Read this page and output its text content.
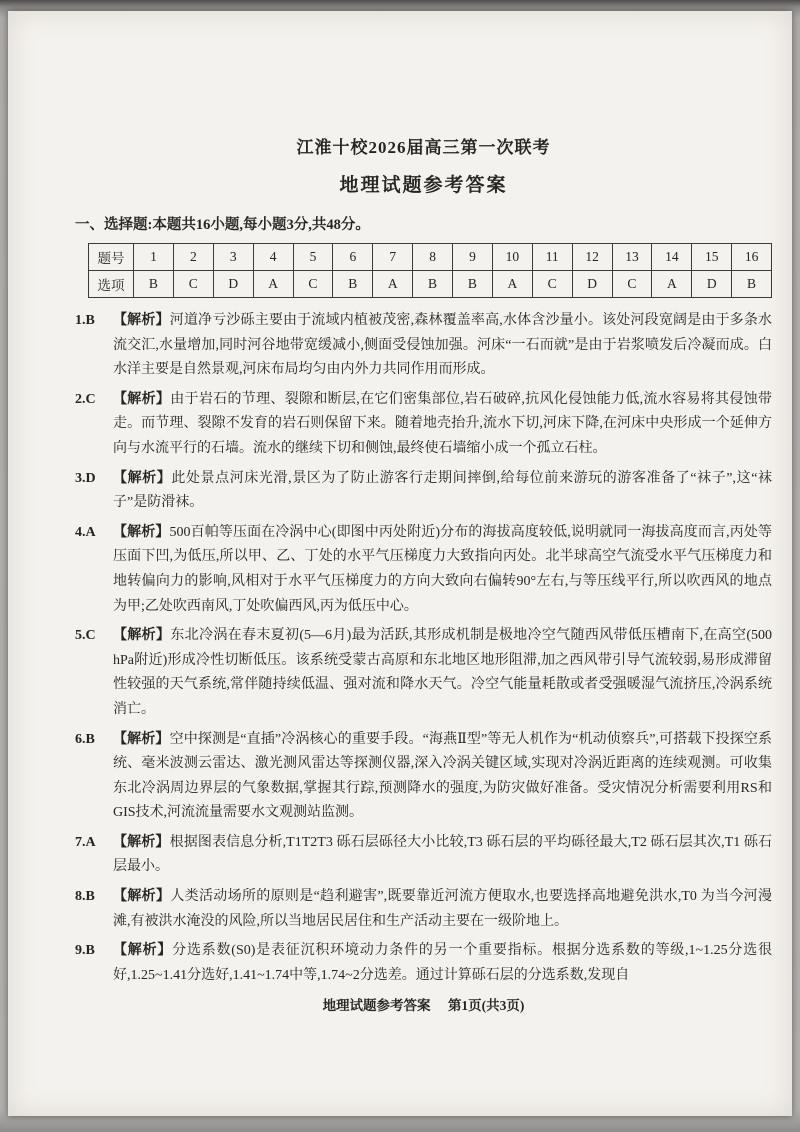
江淮十校2026届高三第一次联考
地理试题参考答案

一、选择题:本题共16小题,每小题3分,共48分。

题号	1	2	3	4	5	6	7	8	9	10	11	12	13	14	15	16
选项	B	C	D	A	C	B	A	B	B	A	C	D	C	A	D	B
1.B 【解析】河道净亏沙砾主要由于流域内植被茂密,森林覆盖率高,水体含沙量小。该处河段宽阔是由于多条水流交汇,水量增加,同时河谷地带宽缓减小,侧面受侵蚀加强。河床“一石而就”是由于岩浆喷发后冷凝而成。白水洋主要是自然景观,河床布局均匀由内外力共同作用而形成。
2.C 【解析】由于岩石的节理、裂隙和断层,在它们密集部位,岩石破碎,抗风化侵蚀能力低,流水容易将其侵蚀带走。而节理、裂隙不发育的岩石则保留下来。随着地壳抬升,流水下切,河床下降,在河床中央形成一个延伸方向与水流平行的石墙。流水的继续下切和侧蚀,最终使石墙缩小成一个孤立石柱。
3.D 【解析】此处景点河床光滑,景区为了防止游客行走期间摔倒,给每位前来游玩的游客准备了“袜子”,这“袜子”是防滑袜。
4.A 【解析】500百帕等压面在冷涡中心(即图中丙处附近)分布的海拔高度较低,说明就同一海拔高度而言,丙处等压面下凹,为低压,所以甲、乙、丁处的水平气压梯度力大致指向丙处。北半球高空气流受水平气压梯度力和地转偏向力的影响,风相对于水平气压梯度力的方向大致向右偏转90°左右,与等压线平行,所以吹西风的地点为甲;乙处吹西南风,丁处吹偏西风,丙为低压中心。
5.C 【解析】东北冷涡在春末夏初(5—6月)最为活跃,其形成机制是极地冷空气随西风带低压槽南下,在高空(500 hPa附近)形成冷性切断低压。该系统受蒙古高原和东北地区地形阻滞,加之西风带引导气流较弱,易形成滞留性较强的天气系统,常伴随持续低温、强对流和降水天气。冷空气能量耗散或者受强暖湿气流挤压,冷涡系统消亡。
6.B 【解析】空中探测是“直插”冷涡核心的重要手段。“海燕Ⅱ型”等无人机作为“机动侦察兵”,可搭载下投探空系统、毫米波测云雷达、激光测风雷达等探测仪器,深入冷涡关键区域,实现对冷涡近距离的连续观测。可收集东北冷涡周边界层的气象数据,掌握其行踪,预测降水的强度,为防灾做好准备。受灾情况分析需要利用RS和GIS技术,河流流量需要水文观测站监测。
7.A 【解析】根据图表信息分析,T1T2T3 砾石层砾径大小比较,T3 砾石层的平均砾径最大,T2 砾石层其次,T1 砾石层最小。
8.B 【解析】人类活动场所的原则是“趋利避害”,既要靠近河流方便取水,也要选择高地避免洪水,T0 为当今河漫滩,有被洪水淹没的风险,所以当地居民居住和生产活动主要在一级阶地上。
9.B 【解析】分选系数(S0)是表征沉积环境动力条件的另一个重要指标。根据分选系数的等级,1~1.25分选很好,1.25~1.41分选好,1.41~1.74中等,1.74~2分选差。通过计算砾石层的分选系数,发现自
地理试题参考答案 第1页(共3页)
